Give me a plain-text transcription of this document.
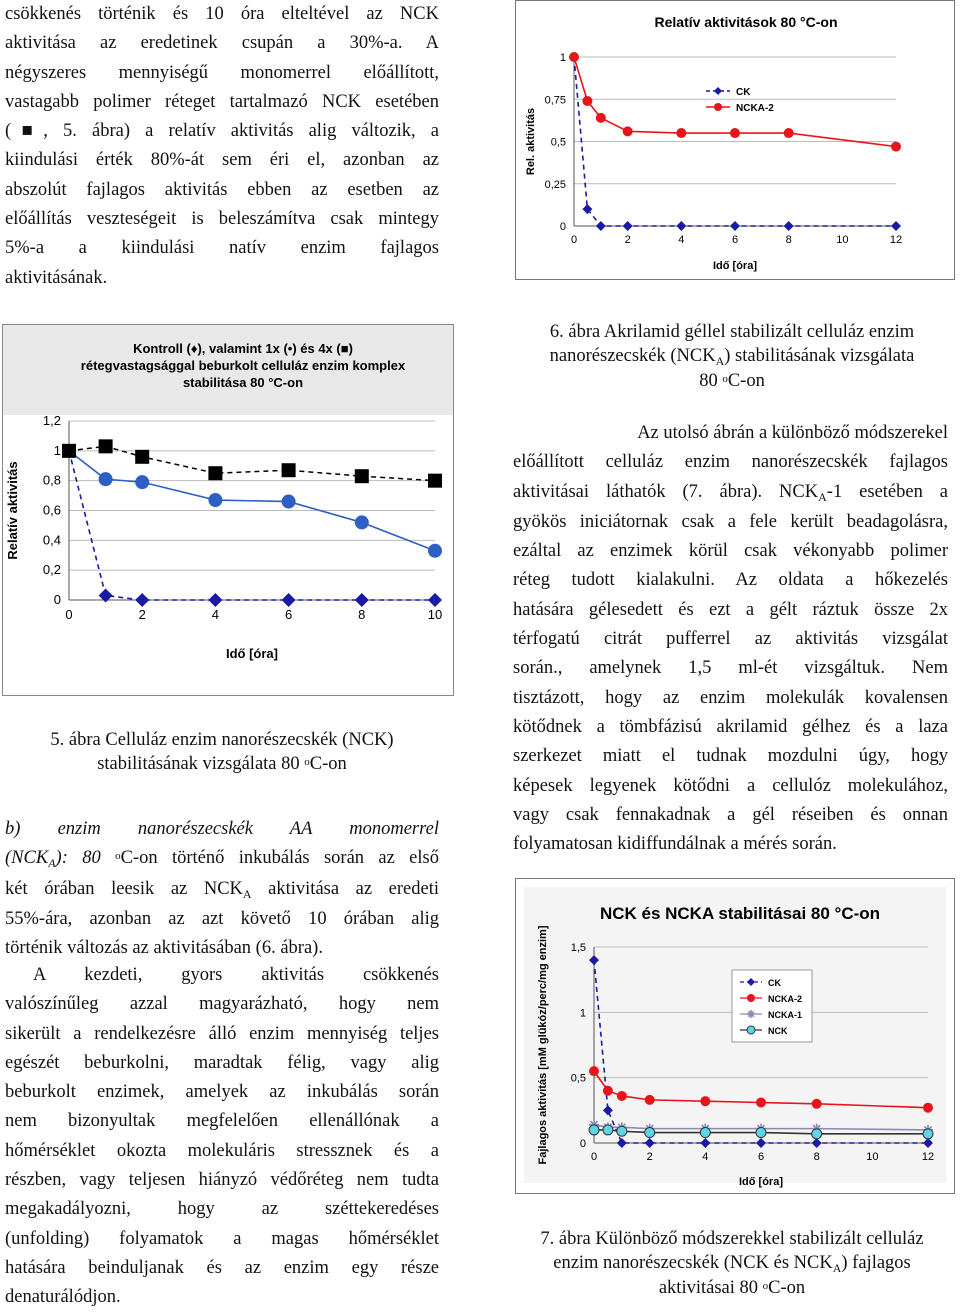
csökkenés történik és 10 óra elteltével az NCK
aktivitása az eredetinek csupán a 30%-a. A
négyszeres mennyiségű monomerrel előállított,
vastagabb polimer réteget tartalmazó NCK esetében
(■, 5. ábra) a relatív aktivitás alig változik, a
kiindulási érték 80%-át sem éri el, azonban az
abszolút fajlagos aktivitás ebben az esetben az
előállítás veszteségeit is beleszámítva csak mintegy
5%-a a kiindulási natív enzim fajlagos
aktivitásának.
Kontroll (♦), valamint 1x (•) és 4x (■)
rétegvastagsággal beburkolt celluláz enzim komplex
stabilitása 80 °C-on
0
0,2
0,4
0,6
0,8
1
1,2
0	2	4	6	8	10
Idő [óra]
Relatív aktivitás

5. ábra Celluláz enzim nanorészecskék (NCK)
stabilitásának vizsgálata 80 $^o$C-on

b) enzim nanorészecskék AA monomerrel
$(NCK_A)$: 80 $^o$C-on történő inkubálás során az első
két órában leesik az $NCK_A$ aktivitása az eredeti
55%-ára, azonban az azt követő 10 órában alig
történik változás az aktivitásában (6. ábra).
A kezdeti, gyors aktivitás csökkenés
valószínűleg azzal magyarázható, hogy nem
sikerült a rendelkezésre álló enzim mennyiség teljes
egészét beburkolni, maradtak félig, vagy alig
beburkolt enzimek, amelyek az inkubálás során
nem bizonyultak megfelelően ellenállónak a
hőmérséklet okozta molekuláris stressznek és a
részben, vagy teljesen hiányzó védőréteg nem tudta
megakadályozni, hogy az széttekeredéses
(unfolding) folyamatok a magas hőmérséklet
hatására beinduljanak és az enzim egy része
denaturálódjon.
Relatív aktivitások 80 °C-on
0
0,25
0,5
0,75
1
0	2	4	6	8	10	12
Idő [óra]
Rel. aktivitás
CK
NCKA-2

6. ábra Akrilamid géllel stabilizált celluláz enzim
nanorészecskék $(NCK_A)$ stabilitásának vizsgálata
80 $^o$C-on

Az utolsó ábrán a különböző módszerekel
előállított celluláz enzim nanorészecskék fajlagos
aktivitásai láthatók (7. ábra). $NCK_A-1$ esetében a
gyökös iniciátornak csak a fele került beadagolásra,
ezáltal az enzimek körül csak vékonyabb polimer
réteg tudott kialakulni. Az oldata a hőkezelés
hatására gélesedett és ezt a gélt ráztuk össze 2x
térfogatú citrát pufferrel az aktivitás vizsgálat
során., amelynek 1,5 ml-ét vizsgáltuk. Nem
tisztázott, hogy az enzim molekulák kovalensen
kötődnek a tömbfázisú akrilamid gélhez és a laza
szerkezet miatt el tudnak mozdulni úgy, hogy
képesek legyenek kötődni a cellulóz molekulához,
vagy csak fennakadnak a gél réseiben és onnan
folyamatosan kidiffundálnak a mérés során.
NCK és NCKA stabilitásai 80 °C-on
0
0,5
1
1,5
0	2	4	6	8	10	12
Idő [óra]
Fajlagos aktivitás [mM glükóz/perc/mg enzim]	CK
NCKA-2
NCKA-1
NCK

7. ábra Különböző módszerekkel stabilizált celluláz
enzim nanorészecskék (NCK és $NCK_A$) fajlagos
aktivitásai 80 $^o$C-on
